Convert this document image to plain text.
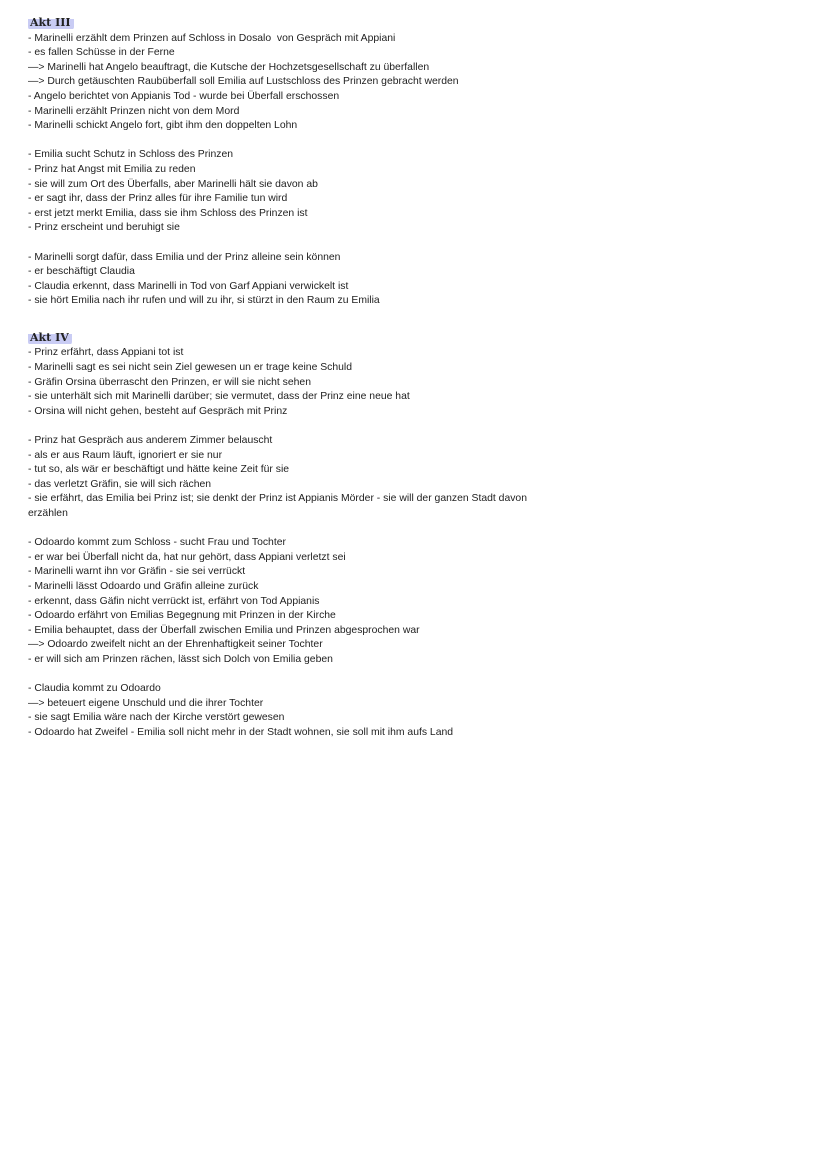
Akt III
- Marinelli erzählt dem Prinzen auf Schloss in Dosalo  von Gespräch mit Appiani
- es fallen Schüsse in der Ferne
—> Marinelli hat Angelo beauftragt, die Kutsche der Hochzetsgesellschaft zu überfallen
—> Durch getäuschten Raubüberfall soll Emilia auf Lustschloss des Prinzen gebracht werden
- Angelo berichtet von Appianis Tod - wurde bei Überfall erschossen
- Marinelli erzählt Prinzen nicht von dem Mord
- Marinelli schickt Angelo fort, gibt ihm den doppelten Lohn
- Emilia sucht Schutz in Schloss des Prinzen
- Prinz hat Angst mit Emilia zu reden
- sie will zum Ort des Überfalls, aber Marinelli hält sie davon ab
- er sagt ihr, dass der Prinz alles für ihre Familie tun wird
- erst jetzt merkt Emilia, dass sie ihm Schloss des Prinzen ist
- Prinz erscheint und beruhigt sie
- Marinelli sorgt dafür, dass Emilia und der Prinz alleine sein können
- er beschäftigt Claudia
- Claudia erkennt, dass Marinelli in Tod von Garf Appiani verwickelt ist
- sie hört Emilia nach ihr rufen und will zu ihr, si stürzt in den Raum zu Emilia
Akt IV
- Prinz erfährt, dass Appiani tot ist
- Marinelli sagt es sei nicht sein Ziel gewesen un er trage keine Schuld
- Gräfin Orsina überrascht den Prinzen, er will sie nicht sehen
- sie unterhält sich mit Marinelli darüber; sie vermutet, dass der Prinz eine neue hat
- Orsina will nicht gehen, besteht auf Gespräch mit Prinz
- Prinz hat Gespräch aus anderem Zimmer belauscht
- als er aus Raum läuft, ignoriert er sie nur
- tut so, als wär er beschäftigt und hätte keine Zeit für sie
- das verletzt Gräfin, sie will sich rächen
- sie erfährt, das Emilia bei Prinz ist; sie denkt der Prinz ist Appianis Mörder - sie will der ganzen Stadt davon
erzählen
- Odoardo kommt zum Schloss - sucht Frau und Tochter
- er war bei Überfall nicht da, hat nur gehört, dass Appiani verletzt sei
- Marinelli warnt ihn vor Gräfin - sie sei verrückt
- Marinelli lässt Odoardo und Gräfin alleine zurück
- erkennt, dass Gäfin nicht verrückt ist, erfährt von Tod Appianis
- Odoardo erfährt von Emilias Begegnung mit Prinzen in der Kirche
- Emilia behauptet, dass der Überfall zwischen Emilia und Prinzen abgesprochen war
—> Odoardo zweifelt nicht an der Ehrenhaftigkeit seiner Tochter
- er will sich am Prinzen rächen, lässt sich Dolch von Emilia geben
- Claudia kommt zu Odoardo
—> beteuert eigene Unschuld und die ihrer Tochter
- sie sagt Emilia wäre nach der Kirche verstört gewesen
- Odoardo hat Zweifel - Emilia soll nicht mehr in der Stadt wohnen, sie soll mit ihm aufs Land
